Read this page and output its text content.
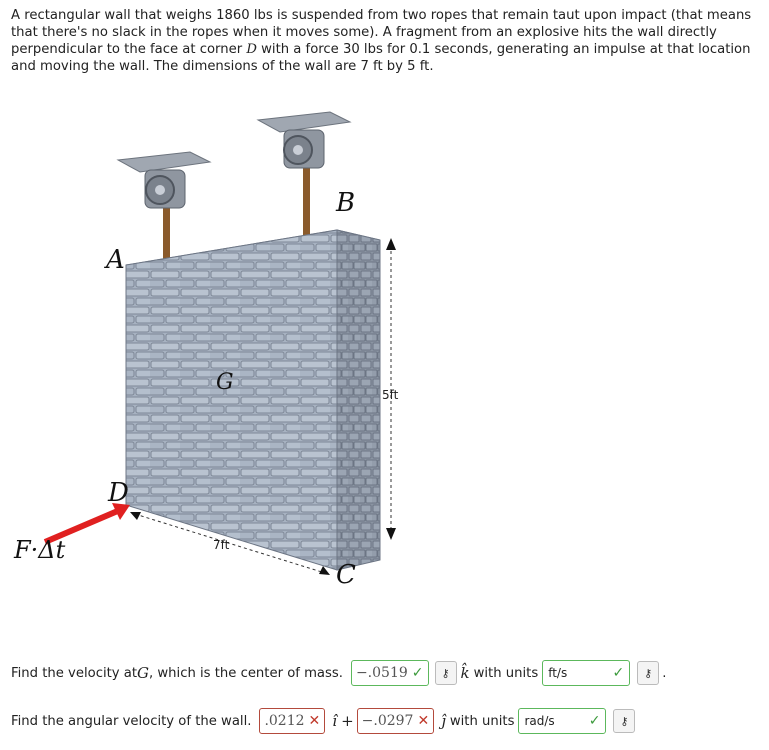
A rectangular wall that weighs 1860 lbs is suspended from two ropes that remain taut upon impact (that means that there's no slack in the ropes when it moves some). A fragment from an explosive hits the wall directly perpendicular to the face at corner D with a force 30 lbs for 0.1 seconds, generating an impulse at that location and moving the wall. The dimensions of the wall are 7 ft by 5 ft.
A
B
C
D
G
F·Δt
5ft
7ft
Find the velocity at G , which is the center of mass. −.0519 ✓	⚷ k̂ with units ft/s	✓	⚷ .
Find the angular velocity of the wall. .0212 ✕ î + −.0297 ✕ ĵ with units rad/s ✓	⚷
